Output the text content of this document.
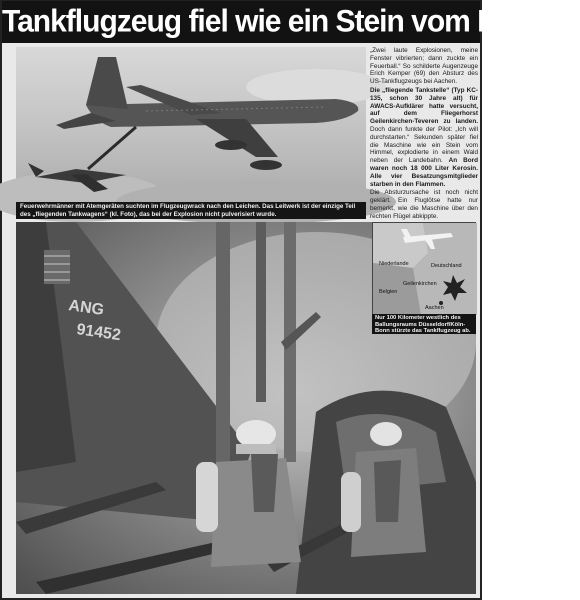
Tankflugzeug fiel wie ein Stein vom Himmel
Feuerwehrmänner mit Atemgeräten suchten im Flugzeugwrack nach den Leichen. Das Leitwerk ist der einzige Teil des „fliegenden Tankwagens“ (kl. Foto), das bei der Explosion nicht pulverisiert wurde.

„Zwei laute Explosionen, meine Fenster vibrierten; dann zuckte ein Feuerball.“ So schilderte Augenzeuge Erich Kemper (69) den Absturz des US-Tankflugzeugs bei Aachen.

Die „fliegende Tankstelle“ (Typ KC-135, schon 30 Jahre alt) für AWACS-Aufklärer hatte versucht, auf dem Fliegerhorst Geilenkirchen-Teveren zu landen. Doch dann funkte der Pilot: „Ich will durchstarten.“ Sekunden später fiel die Maschine wie ein Stein vom Himmel, explodierte in einem Wald neben der Landebahn. An Bord waren noch 18 000 Liter Kerosin. Alle vier Besatzungsmitglieder starben in den Flammen.

Die Absturzursache ist noch nicht geklärt. Ein Fluglötse hatte nur bemerkt, wie die Maschine über den rechten Flügel abkippte.

ANG
91452
Niederlande	Deutschland
Belgien
Geilenkirchen
Aachen
Nur 100 Kilometer westlich des Ballungsraums Düsseldorf/Köln-Bonn stürzte das Tankflugzeug ab.
